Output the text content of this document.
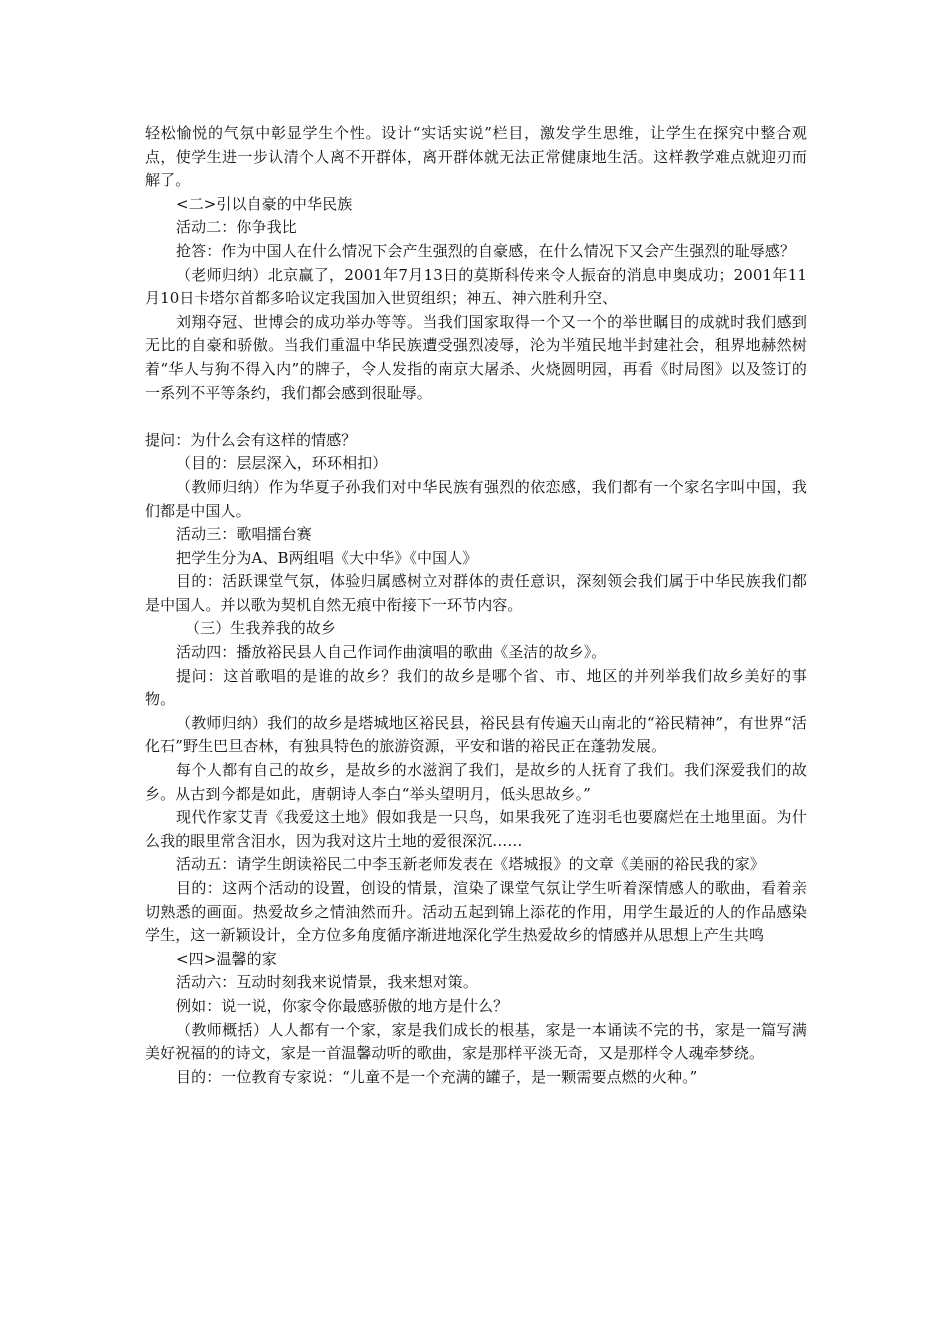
轻松愉悦的气氛中彰显学生个性。设计“实话实说”栏目，激发学生思维，让学生在探究中整合观点，使学生进一步认清个人离不开群体，离开群体就无法正常健康地生活。这样教学难点就迎刃而解了。

<二>引以自豪的中华民族

活动二：你争我比

抢答：作为中国人在什么情况下会产生强烈的自豪感，在什么情况下又会产生强烈的耻辱感？

（老师归纳）北京赢了，2001年7月13日的莫斯科传来令人振奋的消息申奥成功；2001年11月10日卡塔尔首都多哈议定我国加入世贸组织；神五、神六胜利升空、

刘翔夺冠、世博会的成功举办等等。当我们国家取得一个又一个的举世瞩目的成就时我们感到无比的自豪和骄傲。当我们重温中华民族遭受强烈凌辱，沦为半殖民地半封建社会，租界地赫然树着“华人与狗不得入内”的牌子，令人发指的南京大屠杀、火烧圆明园，再看《时局图》以及签订的一系列不平等条约，我们都会感到很耻辱。

提问：为什么会有这样的情感？

（目的：层层深入，环环相扣）

（教师归纳）作为华夏子孙我们对中华民族有强烈的依恋感，我们都有一个家名字叫中国，我们都是中国人。

活动三：歌唱擂台赛

把学生分为A、B两组唱《大中华》《中国人》

目的：活跃课堂气氛，体验归属感树立对群体的责任意识，深刻领会我们属于中华民族我们都是中国人。并以歌为契机自然无痕中衔接下一环节内容。

（三）生我养我的故乡

活动四：播放裕民县人自己作词作曲演唱的歌曲《圣洁的故乡》。

提问：这首歌唱的是谁的故乡？我们的故乡是哪个省、市、地区的并列举我们故乡美好的事物。

（教师归纳）我们的故乡是塔城地区裕民县，裕民县有传遍天山南北的“裕民精神”，有世界“活化石”野生巴旦杏林，有独具特色的旅游资源，平安和谐的裕民正在蓬勃发展。

每个人都有自己的故乡，是故乡的水滋润了我们，是故乡的人抚育了我们。我们深爱我们的故乡。从古到今都是如此，唐朝诗人李白“举头望明月，低头思故乡。”

现代作家艾青《我爱这土地》假如我是一只鸟，如果我死了连羽毛也要腐烂在土地里面。为什么我的眼里常含泪水，因为我对这片土地的爱很深沉……

活动五：请学生朗读裕民二中李玉新老师发表在《塔城报》的文章《美丽的裕民我的家》

目的：这两个活动的设置，创设的情景，渲染了课堂气氛让学生听着深情感人的歌曲，看着亲切熟悉的画面。热爱故乡之情油然而升。活动五起到锦上添花的作用，用学生最近的人的作品感染学生，这一新颖设计，全方位多角度循序渐进地深化学生热爱故乡的情感并从思想上产生共鸣

<四>温馨的家

活动六：互动时刻我来说情景，我来想对策。

例如：说一说，你家令你最感骄傲的地方是什么？

（教师概括）人人都有一个家，家是我们成长的根基，家是一本诵读不完的书，家是一篇写满美好祝福的的诗文，家是一首温馨动听的歌曲，家是那样平淡无奇，又是那样令人魂牵梦绕。

目的：一位教育专家说：“儿童不是一个充满的罐子，是一颗需要点燃的火种。”
